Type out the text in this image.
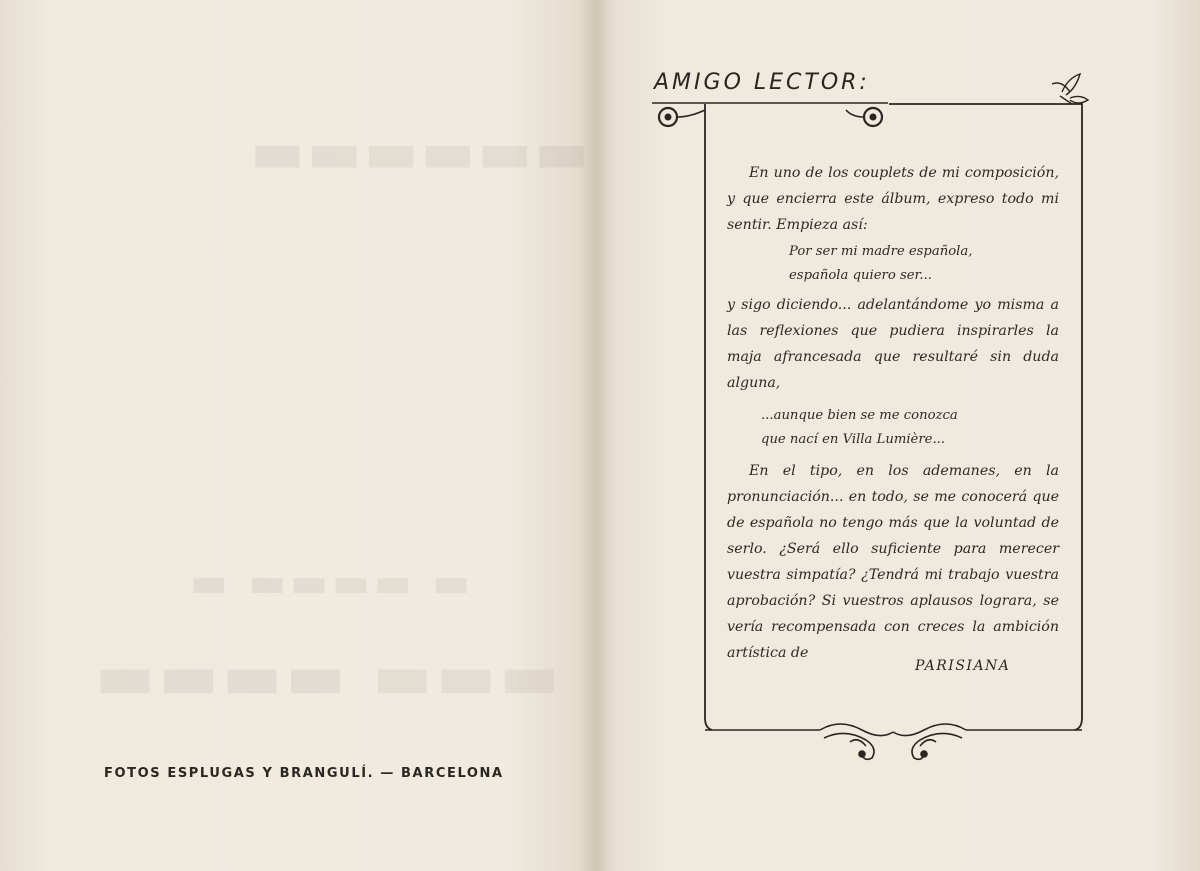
▬▬▬▬▬▬
▬ ▬▬▬▬ ▬
▬▬▬▬ ▬▬▬
FOTOS ESPLUGAS Y BRANGULÍ. — BARCELONA
AMIGO LECTOR:

En uno de los couplets de mi composición, y que encierra este álbum, expreso todo mi sentir. Empieza así:

Por ser mi madre española,
española quiero ser...

y sigo diciendo... adelantándome yo misma a las reflexiones que pudiera inspirarles la maja afrancesada que resultaré sin duda alguna,

...aunque bien se me conozca
que nací en Villa Lumière...

En el tipo, en los ademanes, en la pronunciación... en todo, se me conocerá que de española no tengo más que la voluntad de serlo. ¿Será ello suficiente para merecer vuestra simpatía? ¿Tendrá mi trabajo vuestra aprobación? Si vuestros aplausos lograra, se vería recompensada con creces la ambición artística de

PARISIANA
